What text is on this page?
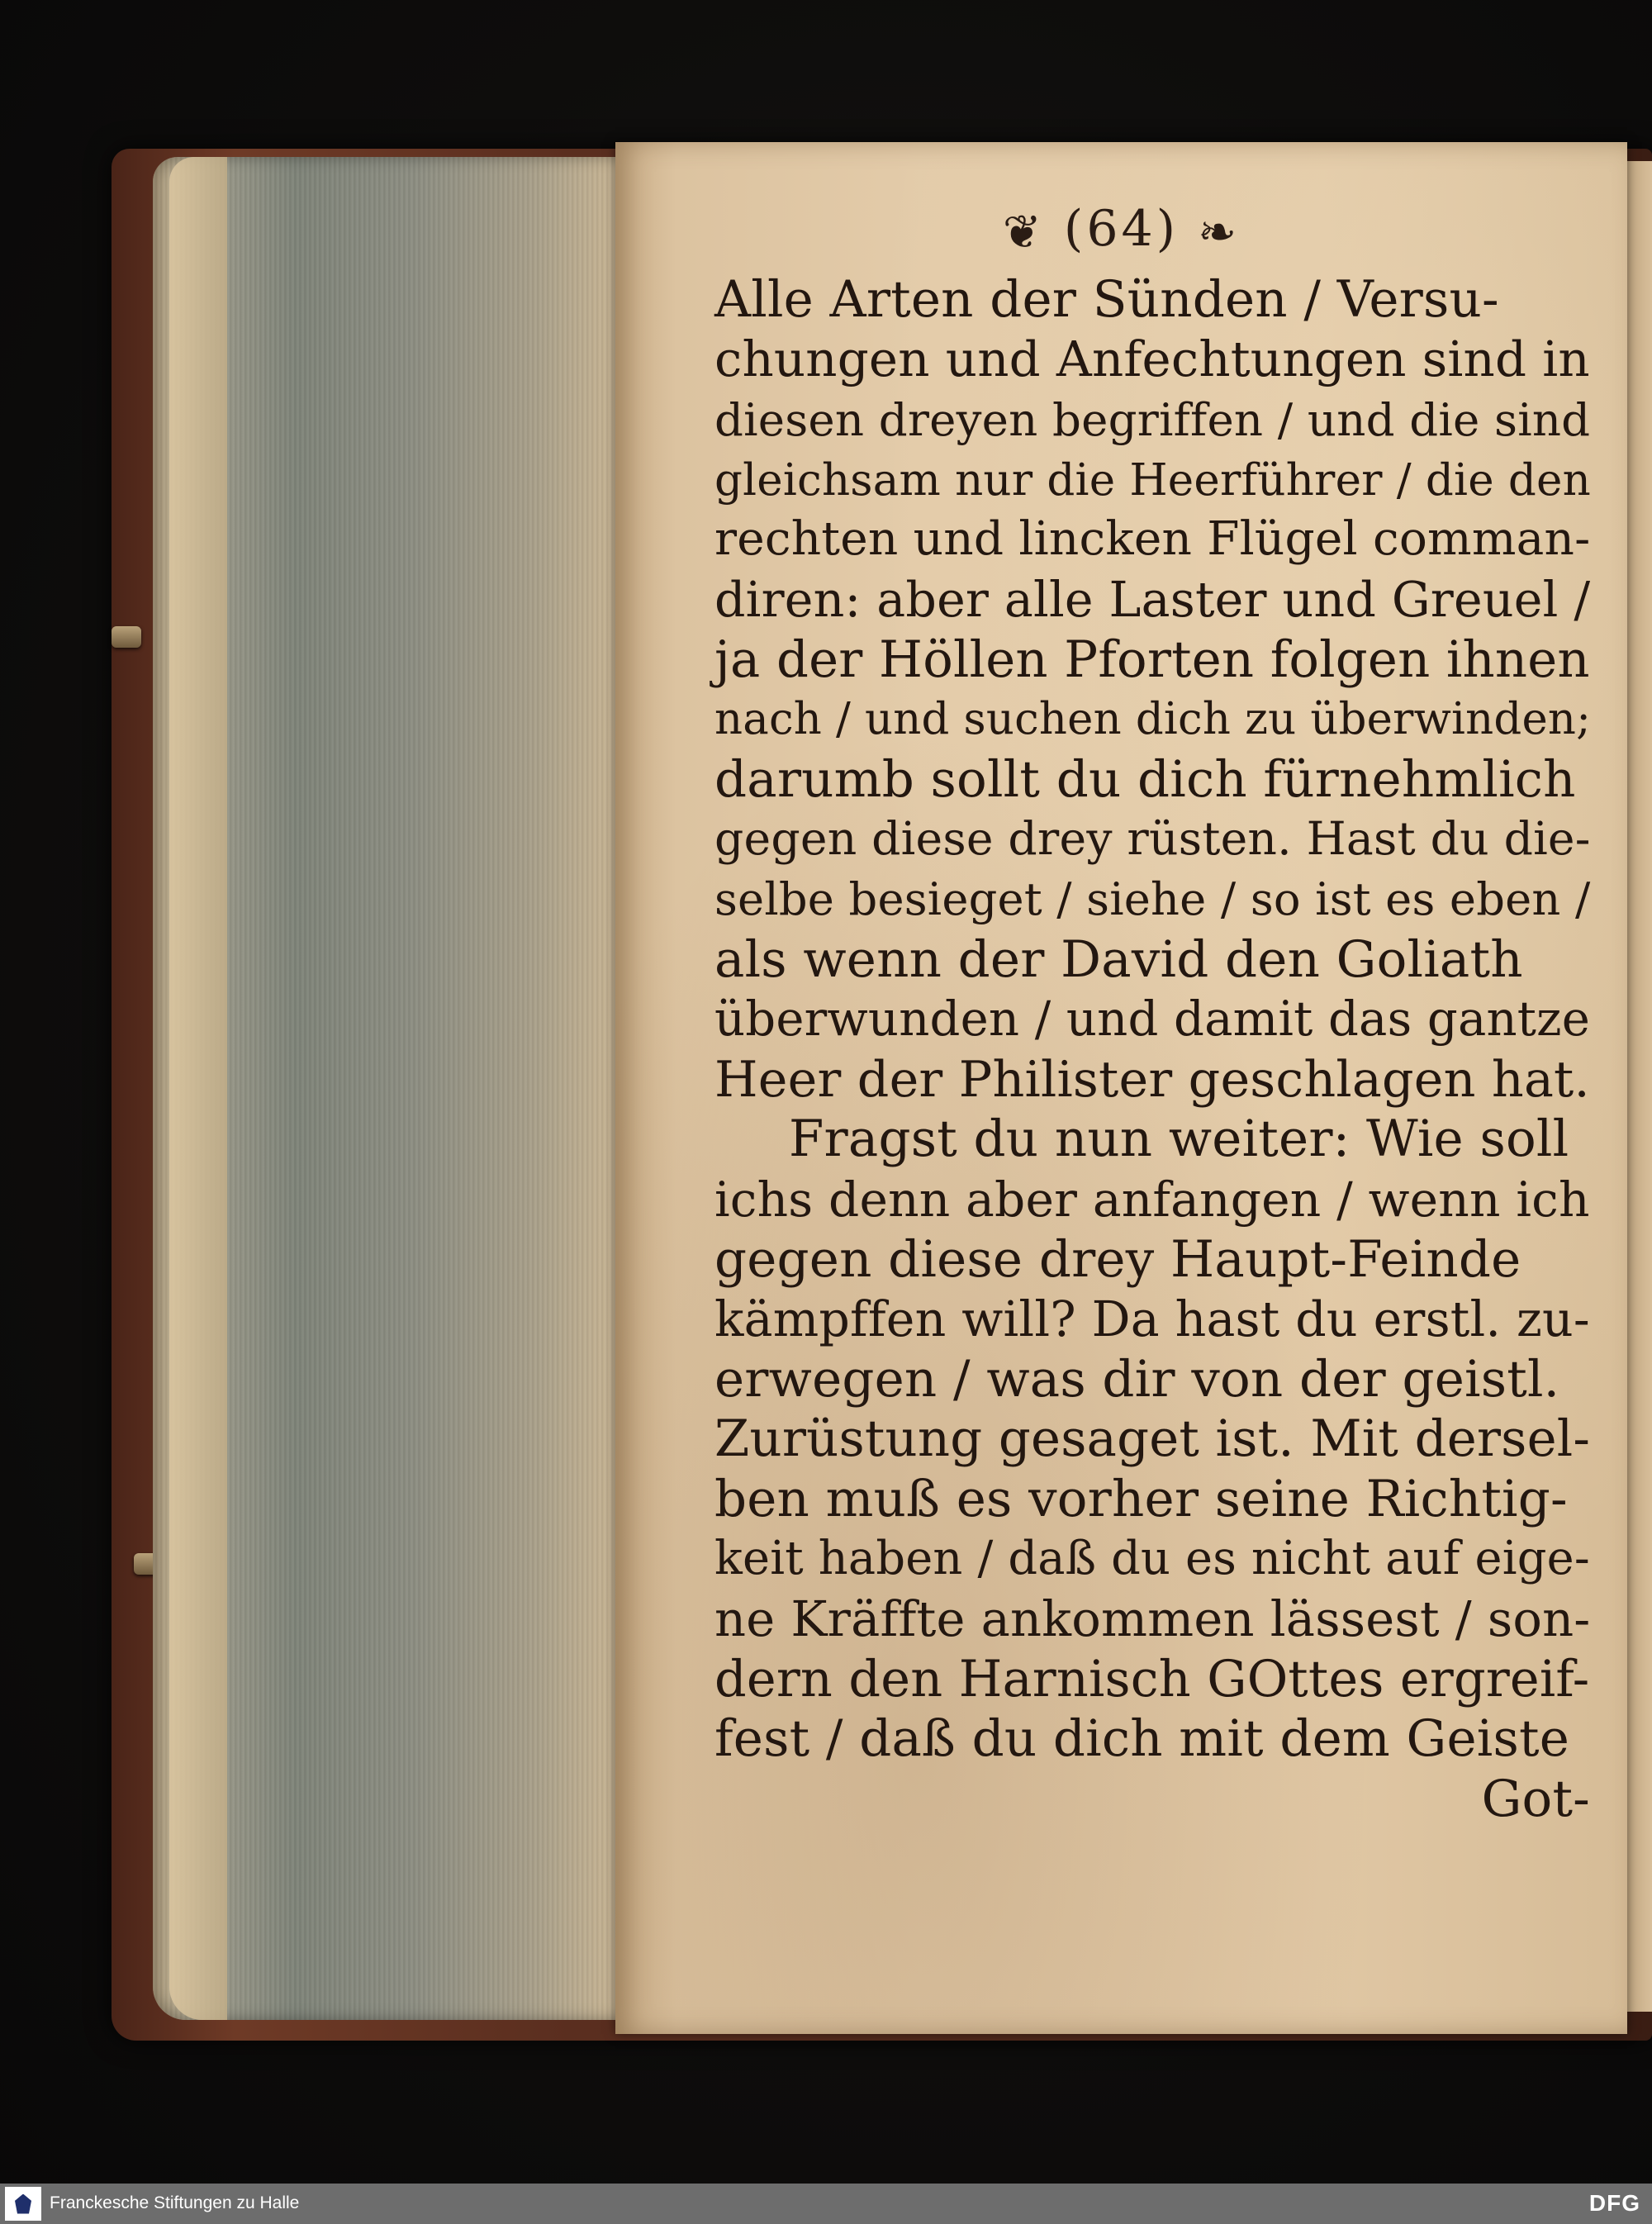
❦ (64) ❧
Alle Arten der Sünden / Versu-
chungen und Anfechtungen sind in
diesen dreyen begriffen / und die sind
gleichsam nur die Heerführer / die den
rechten und lincken Flügel comman-
diren: aber alle Laster und Greuel /
ja der Höllen Pforten folgen ihnen
nach / und suchen dich zu überwinden;
darumb sollt du dich fürnehmlich
gegen diese drey rüsten. Hast du die-
selbe besieget / siehe / so ist es eben /
als wenn der David den Goliath
überwunden / und damit das gantze
Heer der Philister geschlagen hat.
Fragst du nun weiter: Wie soll
ichs denn aber anfangen / wenn ich
gegen diese drey Haupt-Feinde
kämpffen will? Da hast du erstl. zu-
erwegen / was dir von der geistl.
Zurüstung gesaget ist. Mit dersel-
ben muß es vorher seine Richtig-
keit haben / daß du es nicht auf eige-
ne Kräffte ankommen lässest / son-
dern den Harnisch GOttes ergreif-
fest / daß du dich mit dem Geiste
Got-
Franckesche Stiftungen zu Halle	DFG
